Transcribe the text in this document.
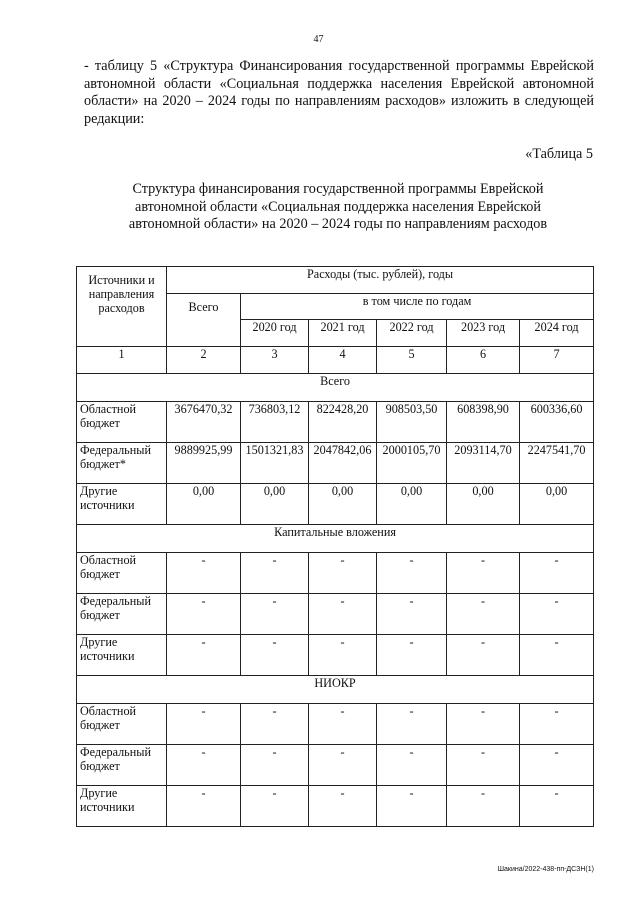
47
- таблицу 5 «Структура Финансирования государственной программы Еврейской автономной области «Социальная поддержка населения Еврейской автономной области» на 2020 – 2024 годы по направлениям расходов» изложить в следующей редакции:
«Таблица 5
Структура финансирования государственной программы Еврейской автономной области «Социальная поддержка населения Еврейской автономной области» на 2020 – 2024 годы по направлениям расходов
Источники и направления расходов	Расходы (тыс. рублей), годы					
	Всего	в том числе по годам				
		2020 год	2021 год	2022 год	2023 год	2024 год
1	2	3	4	5	6	7
Всего						
Областной бюджет	3676470,32	736803,12	822428,20	908503,50	608398,90	600336,60
Федеральный бюджет*	9889925,99	1501321,83	2047842,06	2000105,70	2093114,70	2247541,70
Другие источники	0,00	0,00	0,00	0,00	0,00	0,00
Капитальные вложения						
Областной бюджет	-	-	-	-	-	-
Федеральный бюджет	-	-	-	-	-	-
Другие источники	-	-	-	-	-	-
НИОКР						
Областной бюджет	-	-	-	-	-	-
Федеральный бюджет	-	-	-	-	-	-
Другие источники	-	-	-	-	-	-
Шакина/2022-438-пп-ДСЗН(1)
